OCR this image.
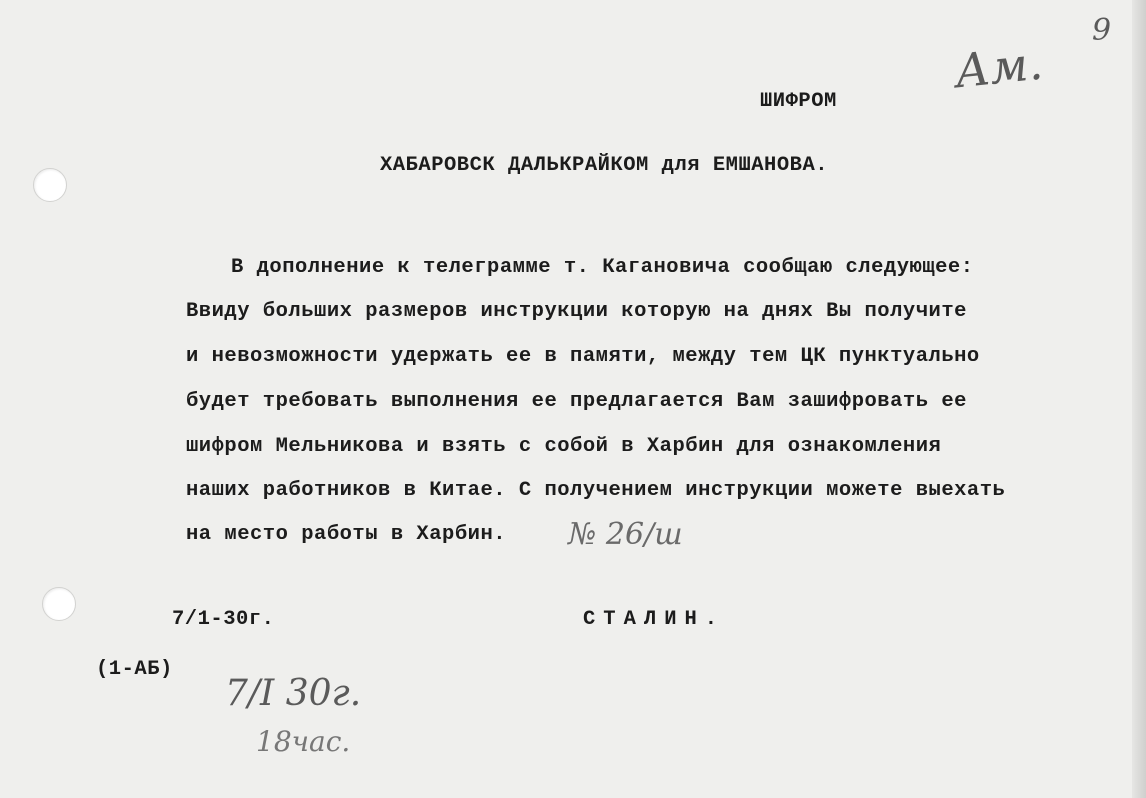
9

Ам.

ШИФРОМ

ХАБАРОВСК ДАЛЬКРАЙКОМ для ЕМШАНОВА.

В дополнение к телеграмме т. Кагановича сообщаю следующее:

Ввиду больших размеров инструкции которую на днях Вы получите

и невозможности удержать ее в памяти, между тем ЦК пунктуально

будет требовать выполнения ее предлагается Вам зашифровать ее

шифром Мельникова и взять с собой в Харбин для ознакомления

наших работников в Китае. С получением инструкции можете выехать

на место работы в Харбин. № 26/ш

7/1-30г.	СТАЛИН.

(1-АБ)

7/I 30г.

18час.
